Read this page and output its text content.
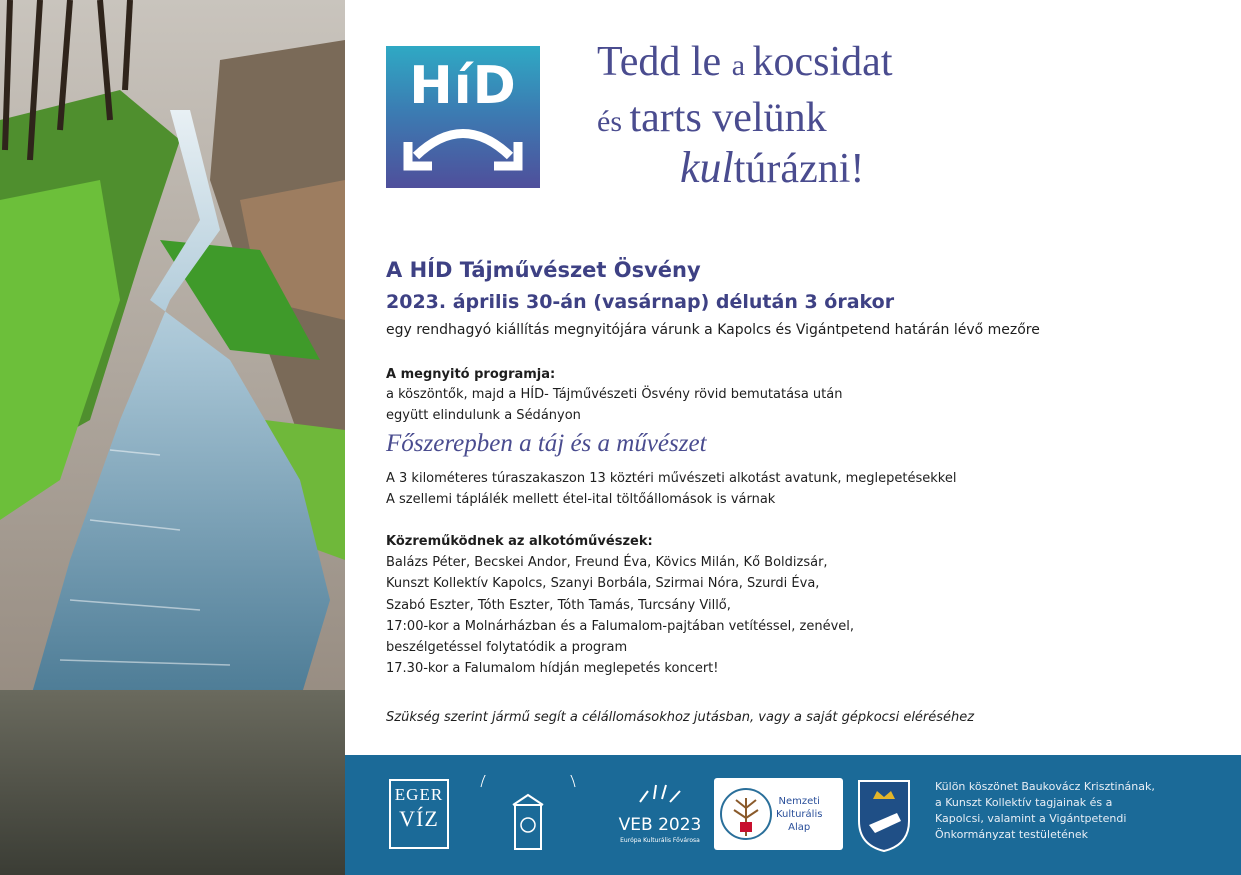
HíD	Tedd le a kocsidat
és tarts velünk
kultúrázni!
A HÍD Tájművészet Ösvény
2023. április 30-án (vasárnap) délután 3 órakor
egy rendhagyó kiállítás megnyitójára várunk a Kapolcs és Vigántpetend határán lévő mezőre
A megnyitó programja:
a köszöntők, majd a HÍD- Tájművészeti Ösvény rövid bemutatása után
együtt elindulunk a Sédányon
Főszerepben a táj és a művészet
A 3 kilométeres túraszakaszon 13 köztéri művészeti alkotást avatunk, meglepetésekkel
A szellemi táplálék mellett étel-ital töltőállomások is várnak
Közreműködnek az alkotóművészek:
Balázs Péter, Becskei Andor, Freund Éva, Kövics Milán, Kő Boldizsár,
Kunszt Kollektív Kapolcs, Szanyi Borbála, Szirmai Nóra, Szurdi Éva,
Szabó Eszter, Tóth Eszter, Tóth Tamás, Turcsány Villő,
17:00-kor a Molnárházban és a Falumalom-pajtában vetítéssel, zenével,
beszélgetéssel folytatódik a program
17.30-kor a Falumalom hídján meglepetés koncert!
Szükség szerint jármű segít a célállomásokhoz jutásban, vagy a saját gépkocsi eléréséhez
EGER
VÍZ	VEB 2023
Európa Kulturális Fővárosa
Nemzeti
Kulturális
Alap
Külön köszönet Baukovácz Krisztinának,
a Kunszt Kollektív tagjainak és a
Kapolcsi, valamint a Vigántpetendi
Önkormányzat testületének
